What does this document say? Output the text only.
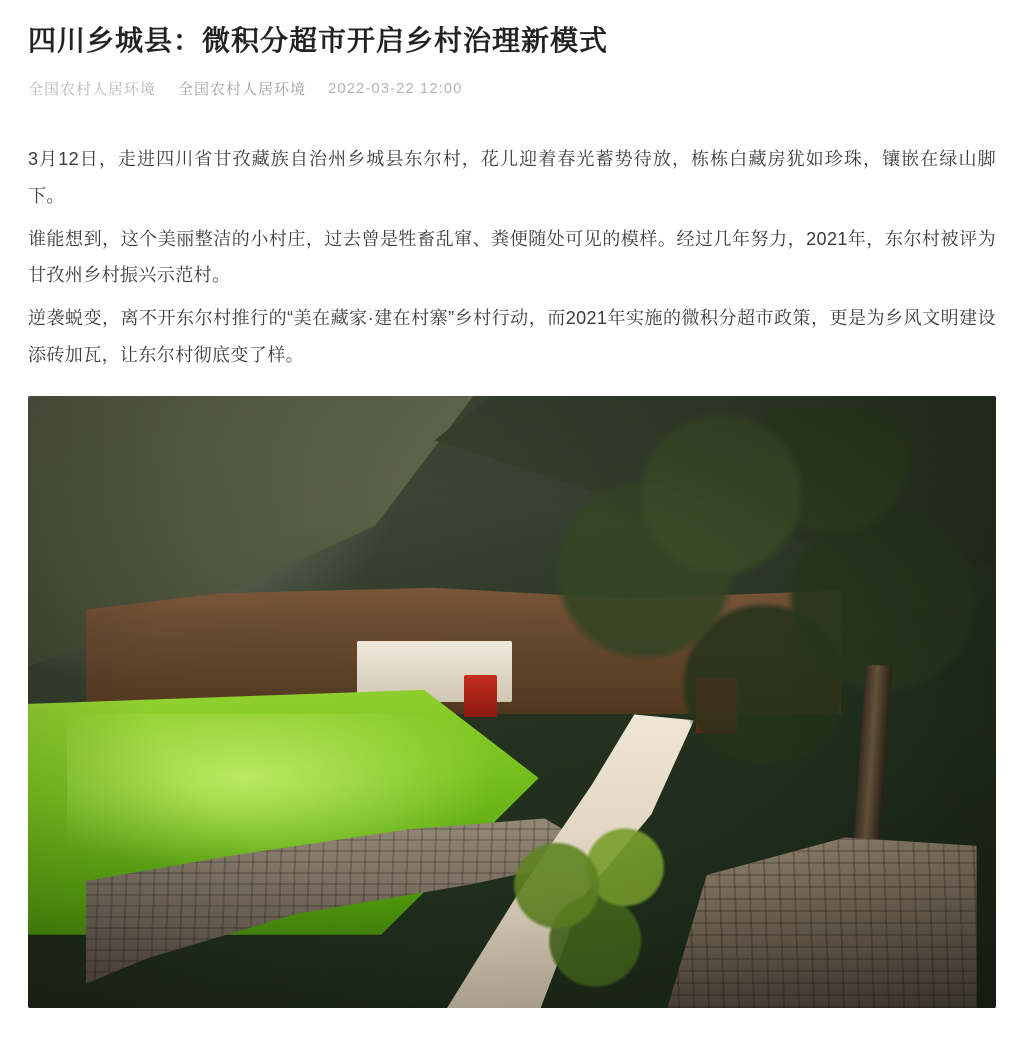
四川乡城县：微积分超市开启乡村治理新模式
全国农村人居环境 全国农村人居环境 2022-03-22 12:00

3月12日，走进四川省甘孜藏族自治州乡城县东尔村，花儿迎着春光蓄势待放，栋栋白藏房犹如珍珠，镶嵌在绿山脚下。

谁能想到，这个美丽整洁的小村庄，过去曾是牲畜乱窜、粪便随处可见的模样。经过几年努力，2021年，东尔村被评为甘孜州乡村振兴示范村。

逆袭蜕变，离不开东尔村推行的“美在藏家·建在村寨”乡村行动，而2021年实施的微积分超市政策，更是为乡风文明建设添砖加瓦，让东尔村彻底变了样。
